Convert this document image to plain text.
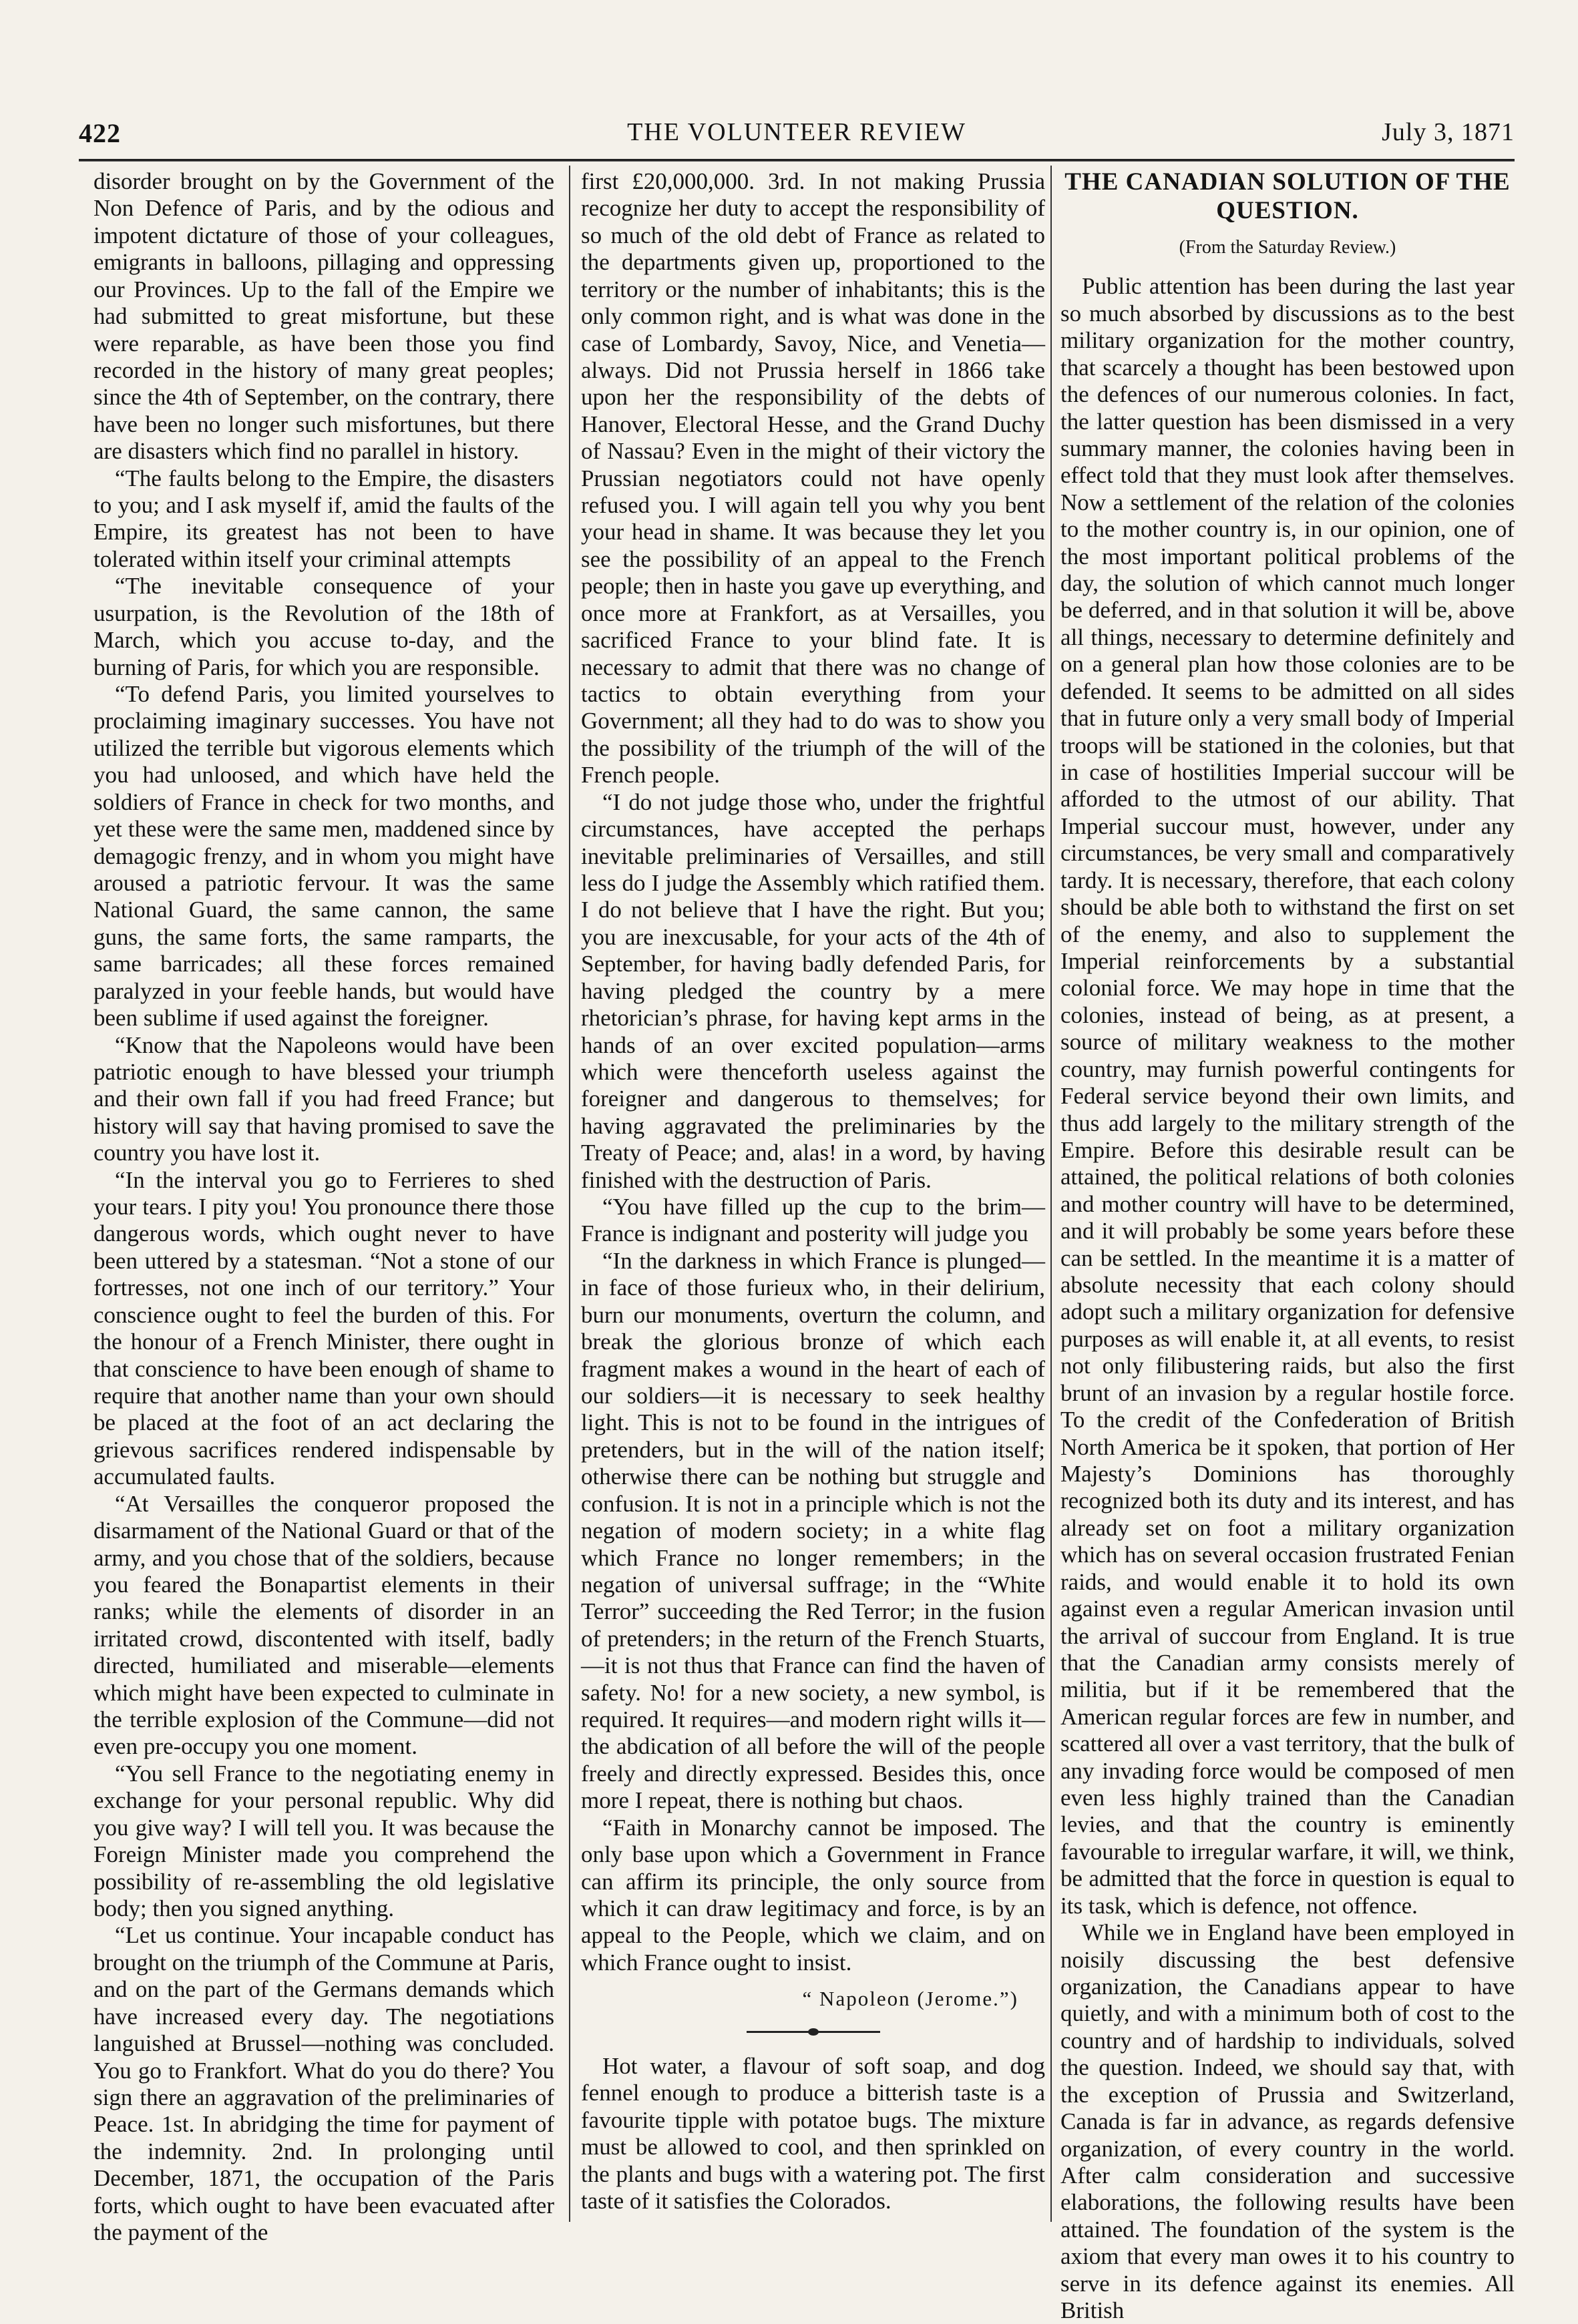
422	THE VOLUNTEER REVIEW	July 3, 1871

disorder brought on by the Government of the Non Defence of Paris, and by the odious and impotent dictature of those of your colleagues, emigrants in balloons, pillaging and oppressing our Provinces. Up to the fall of the Empire we had submitted to great misfortune, but these were reparable, as have been those you find recorded in the history of many great peoples; since the 4th of September, on the contrary, there have been no longer such misfortunes, but there are disasters which find no parallel in history.

“The faults belong to the Empire, the disasters to you; and I ask myself if, amid the faults of the Empire, its greatest has not been to have tolerated within itself your criminal attempts

“The inevitable consequence of your usurpation, is the Revolution of the 18th of March, which you accuse to-day, and the burning of Paris, for which you are responsible.

“To defend Paris, you limited yourselves to proclaiming imaginary successes. You have not utilized the terrible but vigorous elements which you had unloosed, and which have held the soldiers of France in check for two months, and yet these were the same men, maddened since by demagogic frenzy, and in whom you might have aroused a patriotic fervour. It was the same National Guard, the same cannon, the same guns, the same forts, the same ramparts, the same barricades; all these forces remained paralyzed in your feeble hands, but would have been sublime if used against the foreigner.

“Know that the Napoleons would have been patriotic enough to have blessed your triumph and their own fall if you had freed France; but history will say that having promised to save the country you have lost it.

“In the interval you go to Ferrieres to shed your tears. I pity you! You pronounce there those dangerous words, which ought never to have been uttered by a statesman. “Not a stone of our fortresses, not one inch of our territory.” Your conscience ought to feel the burden of this. For the honour of a French Minister, there ought in that conscience to have been enough of shame to require that another name than your own should be placed at the foot of an act declaring the grievous sacrifices rendered indispensable by accumulated faults.

“At Versailles the conqueror proposed the disarmament of the National Guard or that of the army, and you chose that of the soldiers, because you feared the Bonapartist elements in their ranks; while the elements of disorder in an irritated crowd, discontented with itself, badly directed, humiliated and miserable—elements which might have been expected to culminate in the terrible explosion of the Commune—did not even pre-occupy you one moment.

“You sell France to the negotiating enemy in exchange for your personal republic. Why did you give way? I will tell you. It was because the Foreign Minister made you comprehend the possibility of re-assembling the old legislative body; then you signed anything.

“Let us continue. Your incapable conduct has brought on the triumph of the Commune at Paris, and on the part of the Germans demands which have increased every day. The negotiations languished at Brussel—nothing was concluded. You go to Frankfort. What do you do there? You sign there an aggravation of the preliminaries of Peace. 1st. In abridging the time for payment of the indemnity. 2nd. In prolonging until December, 1871, the occupation of the Paris forts, which ought to have been evacuated after the payment of the

first £20,000,000. 3rd. In not making Prussia recognize her duty to accept the responsibility of so much of the old debt of France as related to the departments given up, proportioned to the territory or the number of inhabitants; this is the only common right, and is what was done in the case of Lombardy, Savoy, Nice, and Venetia—always. Did not Prussia herself in 1866 take upon her the responsibility of the debts of Hanover, Electoral Hesse, and the Grand Duchy of Nassau? Even in the might of their victory the Prussian negotiators could not have openly refused you. I will again tell you why you bent your head in shame. It was because they let you see the possibility of an appeal to the French people; then in haste you gave up everything, and once more at Frankfort, as at Versailles, you sacrificed France to your blind fate. It is necessary to admit that there was no change of tactics to obtain everything from your Government; all they had to do was to show you the possibility of the triumph of the will of the French people.

“I do not judge those who, under the frightful circumstances, have accepted the perhaps inevitable preliminaries of Versailles, and still less do I judge the Assembly which ratified them. I do not believe that I have the right. But you; you are inexcusable, for your acts of the 4th of September, for having badly defended Paris, for having pledged the country by a mere rhetorician’s phrase, for having kept arms in the hands of an over excited population—arms which were thenceforth useless against the foreigner and dangerous to themselves; for having aggravated the preliminaries by the Treaty of Peace; and, alas! in a word, by having finished with the destruction of Paris.

“You have filled up the cup to the brim—France is indignant and posterity will judge you

“In the darkness in which France is plunged—in face of those furieux who, in their delirium, burn our monuments, overturn the column, and break the glorious bronze of which each fragment makes a wound in the heart of each of our soldiers—it is necessary to seek healthy light. This is not to be found in the intrigues of pretenders, but in the will of the nation itself; otherwise there can be nothing but struggle and confusion. It is not in a principle which is not the negation of modern society; in a white flag which France no longer remembers; in the negation of universal suffrage; in the “White Terror” succeeding the Red Terror; in the fusion of pretenders; in the return of the French Stuarts,—it is not thus that France can find the haven of safety. No! for a new society, a new symbol, is required. It requires—and modern right wills it—the abdication of all before the will of the people freely and directly expressed. Besides this, once more I repeat, there is nothing but chaos.

“Faith in Monarchy cannot be imposed. The only base upon which a Government in France can affirm its principle, the only source from which it can draw legitimacy and force, is by an appeal to the People, which we claim, and on which France ought to insist.

“ Napoleon (Jerome.”)

Hot water, a flavour of soft soap, and dog fennel enough to produce a bitterish taste is a favourite tipple with potatoe bugs. The mixture must be allowed to cool, and then sprinkled on the plants and bugs with a watering pot. The first taste of it satisfies the Colorados.

THE CANADIAN SOLUTION OF THE QUESTION.
(From the Saturday Review.)

Public attention has been during the last year so much absorbed by discussions as to the best military organization for the mother country, that scarcely a thought has been bestowed upon the defences of our numerous colonies. In fact, the latter question has been dismissed in a very summary manner, the colonies having been in effect told that they must look after themselves. Now a settlement of the relation of the colonies to the mother country is, in our opinion, one of the most important political problems of the day, the solution of which cannot much longer be deferred, and in that solution it will be, above all things, necessary to determine definitely and on a general plan how those colonies are to be defended. It seems to be admitted on all sides that in future only a very small body of Imperial troops will be stationed in the colonies, but that in case of hostilities Imperial succour will be afforded to the utmost of our ability. That Imperial succour must, however, under any circumstances, be very small and comparatively tardy. It is necessary, therefore, that each colony should be able both to withstand the first on set of the enemy, and also to supplement the Imperial reinforcements by a substantial colonial force. We may hope in time that the colonies, instead of being, as at present, a source of military weakness to the mother country, may furnish powerful contingents for Federal service beyond their own limits, and thus add largely to the military strength of the Empire. Before this desirable result can be attained, the political relations of both colonies and mother country will have to be determined, and it will probably be some years before these can be settled. In the meantime it is a matter of absolute necessity that each colony should adopt such a military organization for defensive purposes as will enable it, at all events, to resist not only filibustering raids, but also the first brunt of an invasion by a regular hostile force. To the credit of the Confederation of British North America be it spoken, that portion of Her Majesty’s Dominions has thoroughly recognized both its duty and its interest, and has already set on foot a military organization which has on several occasion frustrated Fenian raids, and would enable it to hold its own against even a regular American invasion until the arrival of succour from England. It is true that the Canadian army consists merely of militia, but if it be remembered that the American regular forces are few in number, and scattered all over a vast territory, that the bulk of any invading force would be composed of men even less highly trained than the Canadian levies, and that the country is eminently favourable to irregular warfare, it will, we think, be admitted that the force in question is equal to its task, which is defence, not offence.

While we in England have been employed in noisily discussing the best defensive organization, the Canadians appear to have quietly, and with a minimum both of cost to the country and of hardship to individuals, solved the question. Indeed, we should say that, with the exception of Prussia and Switzerland, Canada is far in advance, as regards defensive organization, of every country in the world. After calm consideration and successive elaborations, the following results have been attained. The foundation of the system is the axiom that every man owes it to his country to serve in its defence against its enemies. All British
